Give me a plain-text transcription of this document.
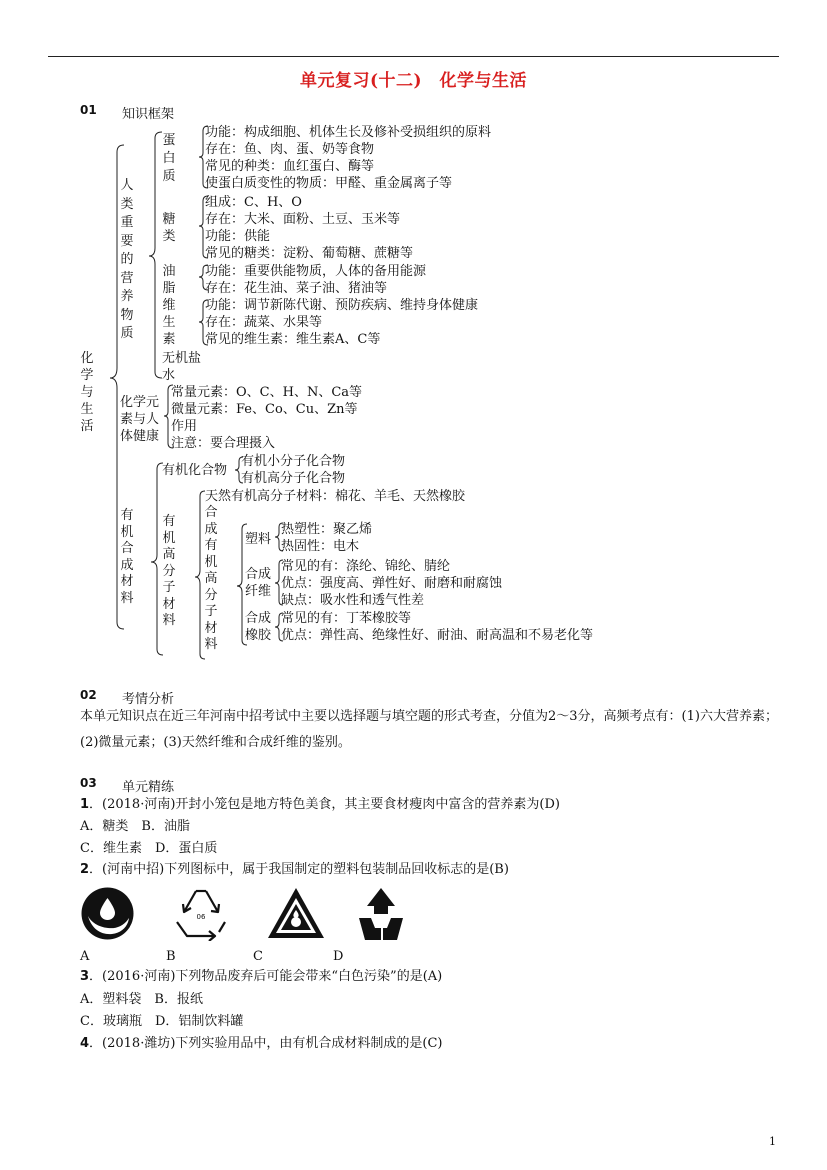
单元复习(十二)　化学与生活
01 知识框架
化学与生活
人类重要的营养物质
蛋白质
功能：构成细胞、机体生长及修补受损组织的原料
存在：鱼、肉、蛋、奶等食物
常见的种类：血红蛋白、酶等
使蛋白质变性的物质：甲醛、重金属离子等
糖类
组成：C、H、O
存在：大米、面粉、土豆、玉米等
功能：供能
常见的糖类：淀粉、葡萄糖、蔗糖等
油脂
功能：重要供能物质，人体的备用能源
存在：花生油、菜子油、猪油等
维生素
功能：调节新陈代谢、预防疾病、维持身体健康
存在：蔬菜、水果等
常见的维生素：维生素A、C等
无机盐
水
化学元素与人体健康
常量元素：O、C、H、N、Ca等
微量元素：Fe、Co、Cu、Zn等
作用
注意：要合理摄入
有机合成材料
有机化合物
有机小分子化合物
有机高分子化合物
有机高分子材料
天然有机高分子材料：棉花、羊毛、天然橡胶
合成有机高分子材料
塑料
热塑性：聚乙烯
热固性：电木
合成纤维
常见的有：涤纶、锦纶、腈纶
优点：强度高、弹性好、耐磨和耐腐蚀
缺点：吸水性和透气性差
合成橡胶
常见的有：丁苯橡胶等
优点：弹性高、绝缘性好、耐油、耐高温和不易老化等
02 考情分析

本单元知识点在近三年河南中招考试中主要以选择题与填空题的形式考查，分值为2～3分，高频考点有：(1)六大营养素；(2)微量元素；(3)天然纤维和合成纤维的鉴别。

03 单元精练
1．(2018·河南)开封小笼包是地方特色美食，其主要食材瘦肉中富含的营养素为(D)
A．糖类　B．油脂
C．维生素　D．蛋白质
2．(河南中招)下列图标中，属于我国制定的塑料包装制品回收标志的是(B)
06
A	B	C	D
3．(2016·河南)下列物品废弃后可能会带来“白色污染”的是(A)
A．塑料袋　B．报纸
C．玻璃瓶　D．铝制饮料罐
4．(2018·潍坊)下列实验用品中，由有机合成材料制成的是(C)
1
